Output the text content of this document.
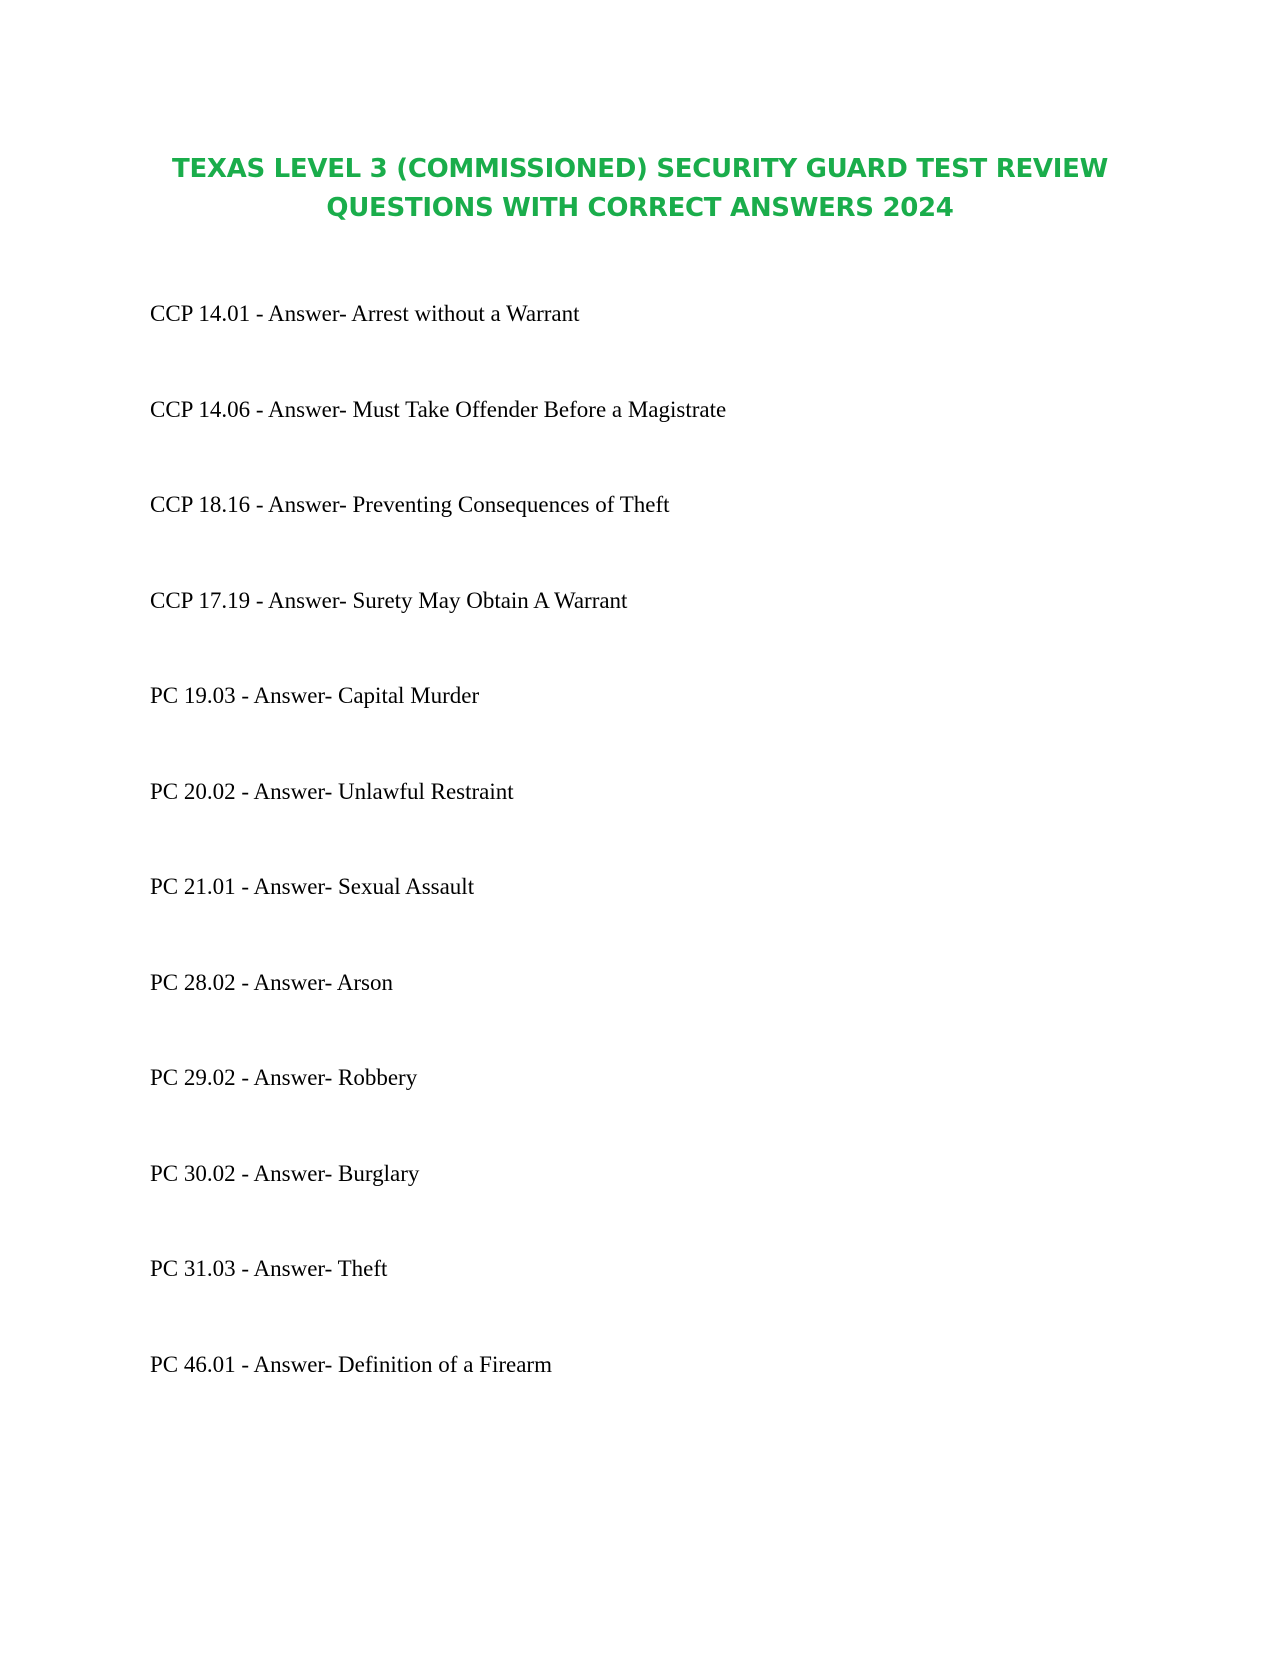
TEXAS LEVEL 3 (COMMISSIONED) SECURITY GUARD TEST REVIEW
QUESTIONS WITH CORRECT ANSWERS 2024
CCP 14.01 - Answer- Arrest without a Warrant
CCP 14.06 - Answer- Must Take Offender Before a Magistrate
CCP 18.16 - Answer- Preventing Consequences of Theft
CCP 17.19 - Answer- Surety May Obtain A Warrant
PC 19.03 - Answer- Capital Murder
PC 20.02 - Answer- Unlawful Restraint
PC 21.01 - Answer- Sexual Assault
PC 28.02 - Answer- Arson
PC 29.02 - Answer- Robbery
PC 30.02 - Answer- Burglary
PC 31.03 - Answer- Theft
PC 46.01 - Answer- Definition of a Firearm
